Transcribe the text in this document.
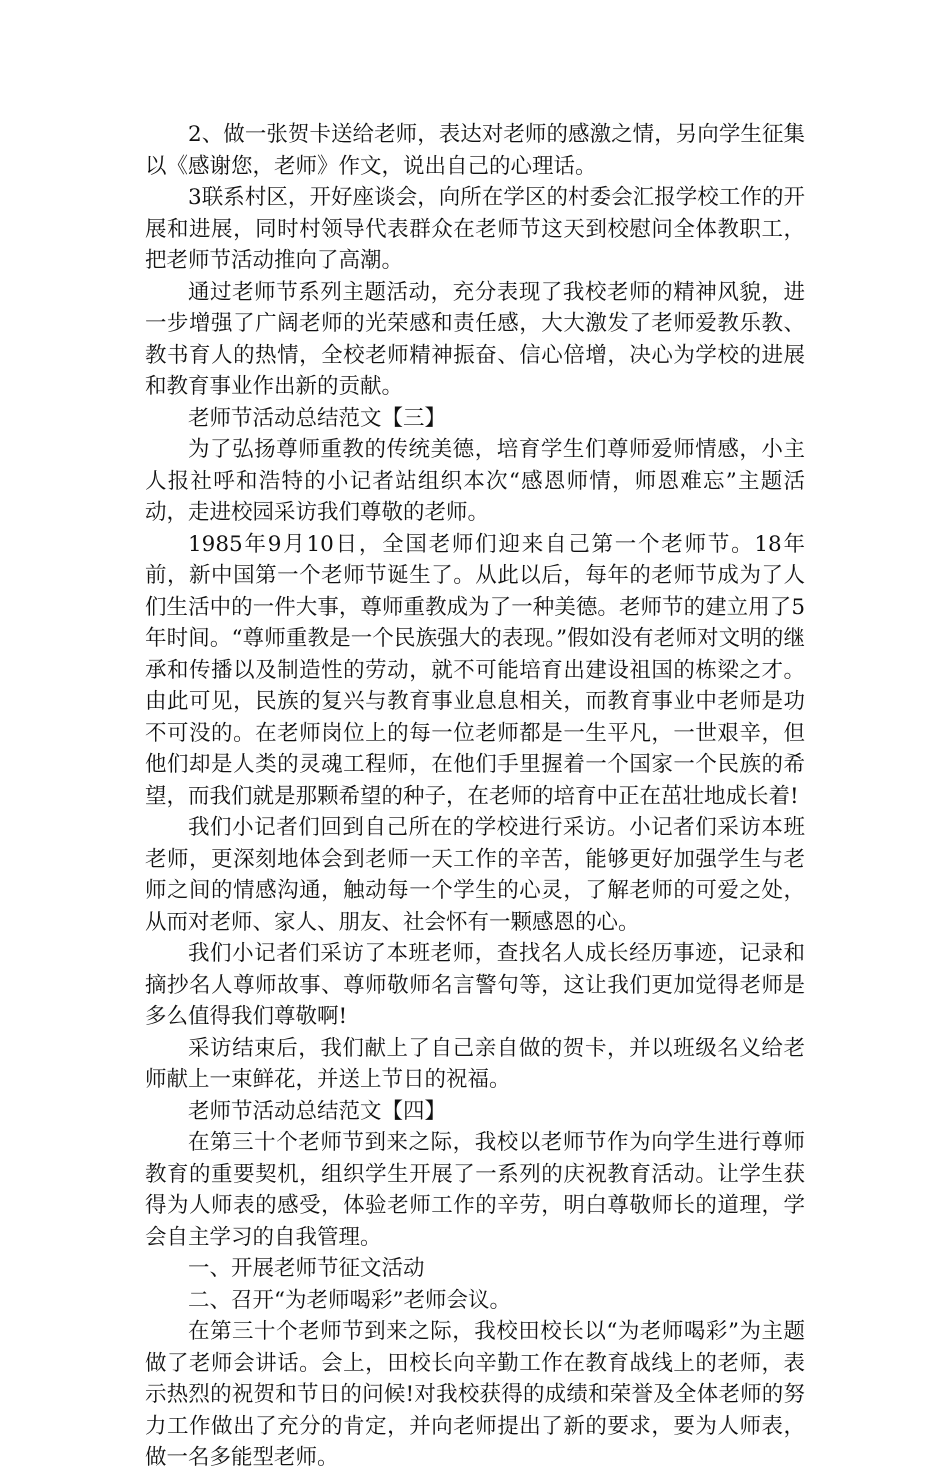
2、做一张贺卡送给老师，表达对老师的感激之情，另向学生征集以《感谢您，老师》作文，说出自己的心理话。

3联系村区，开好座谈会，向所在学区的村委会汇报学校工作的开展和进展，同时村领导代表群众在老师节这天到校慰问全体教职工，把老师节活动推向了高潮。

通过老师节系列主题活动，充分表现了我校老师的精神风貌，进一步增强了广阔老师的光荣感和责任感，大大激发了老师爱教乐教、教书育人的热情，全校老师精神振奋、信心倍增，决心为学校的进展和教育事业作出新的贡献。

老师节活动总结范文【三】

为了弘扬尊师重教的传统美德，培育学生们尊师爱师情感，小主人报社呼和浩特的小记者站组织本次“感恩师情，师恩难忘”主题活动，走进校园采访我们尊敬的老师。

1985年9月10日，全国老师们迎来自己第一个老师节。18年前，新中国第一个老师节诞生了。从此以后，每年的老师节成为了人们生活中的一件大事，尊师重教成为了一种美德。老师节的建立用了5年时间。“尊师重教是一个民族强大的表现。”假如没有老师对文明的继承和传播以及制造性的劳动，就不可能培育出建设祖国的栋梁之才。由此可见，民族的复兴与教育事业息息相关，而教育事业中老师是功不可没的。在老师岗位上的每一位老师都是一生平凡，一世艰辛，但他们却是人类的灵魂工程师，在他们手里握着一个国家一个民族的希望，而我们就是那颗希望的种子，在老师的培育中正在茁壮地成长着!

我们小记者们回到自己所在的学校进行采访。小记者们采访本班老师，更深刻地体会到老师一天工作的辛苦，能够更好加强学生与老师之间的情感沟通，触动每一个学生的心灵，了解老师的可爱之处，从而对老师、家人、朋友、社会怀有一颗感恩的心。

我们小记者们采访了本班老师，查找名人成长经历事迹，记录和摘抄名人尊师故事、尊师敬师名言警句等，这让我们更加觉得老师是多么值得我们尊敬啊!

采访结束后，我们献上了自己亲自做的贺卡，并以班级名义给老师献上一束鲜花，并送上节日的祝福。

老师节活动总结范文【四】

在第三十个老师节到来之际，我校以老师节作为向学生进行尊师教育的重要契机，组织学生开展了一系列的庆祝教育活动。让学生获得为人师表的感受，体验老师工作的辛劳，明白尊敬师长的道理，学会自主学习的自我管理。

一、开展老师节征文活动

二、召开“为老师喝彩”老师会议。

在第三十个老师节到来之际，我校田校长以“为老师喝彩”为主题做了老师会讲话。会上，田校长向辛勤工作在教育战线上的老师，表示热烈的祝贺和节日的问候!对我校获得的成绩和荣誉及全体老师的努力工作做出了充分的肯定，并向老师提出了新的要求，要为人师表，做一名多能型老师。
